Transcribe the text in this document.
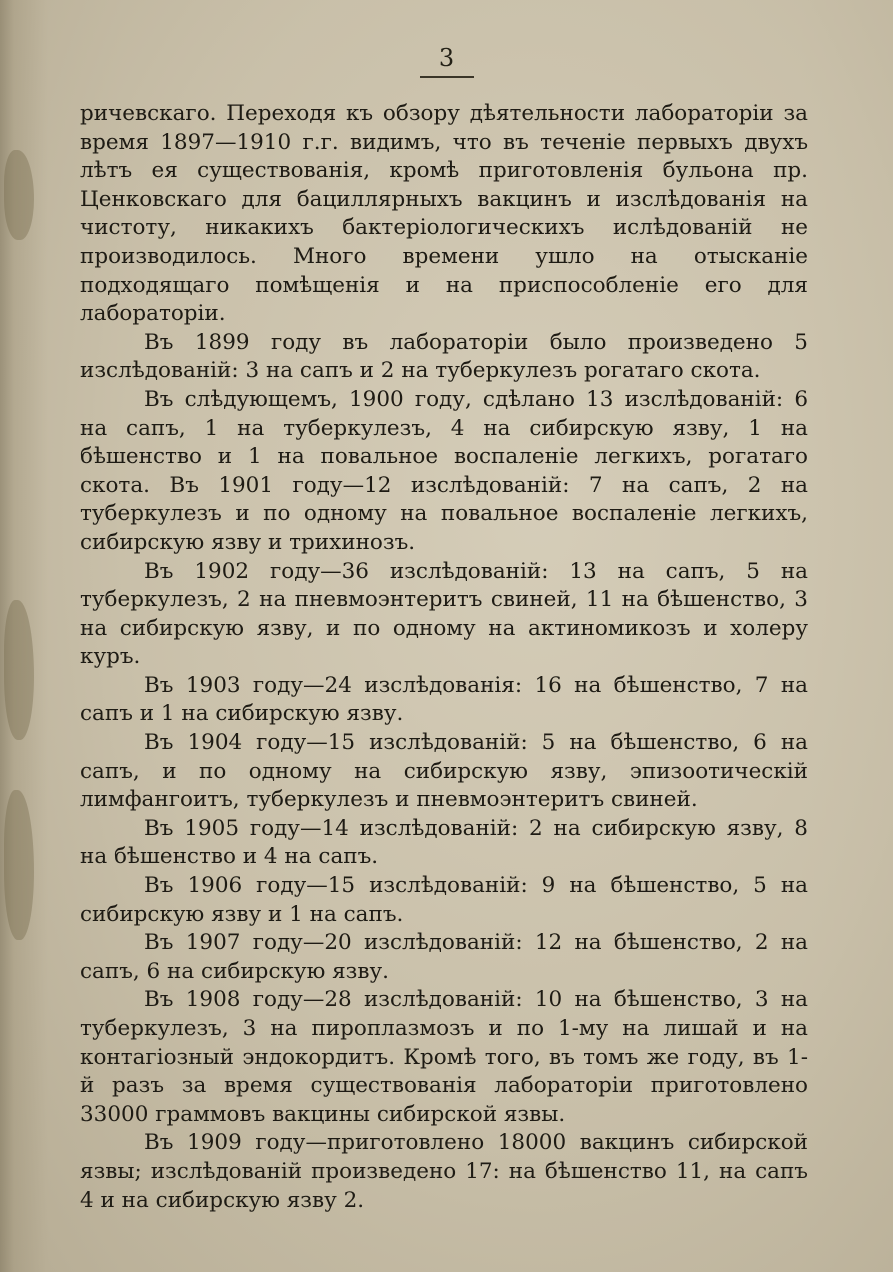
3

ричевскаго. Переходя къ обзору дѣятельности лабораторіи за время 1897—1910 г.г. видимъ, что въ теченіе первыхъ двухъ лѣтъ ея существованія, кромѣ приготовленія бульона пр. Ценковскаго для бациллярныхъ вакцинъ и изслѣдованія на чистоту, никакихъ бактеріологическихъ ислѣдованій не производилось. Много времени ушло на отысканіе подходящаго помѣщенія и на приспособленіе его для лабораторіи.

Въ 1899 году въ лабораторіи было произведено 5 изслѣдованій: 3 на сапъ и 2 на туберкулезъ рогатаго скота.

Въ слѣдующемъ, 1900 году, сдѣлано 13 изслѣдованій: 6 на сапъ, 1 на туберкулезъ, 4 на сибирскую язву, 1 на бѣшенство и 1 на повальное воспаленіе легкихъ, рогатаго скота. Въ 1901 году—12 изслѣдованій: 7 на сапъ, 2 на туберкулезъ и по одному на повальное воспаленіе легкихъ, сибирскую язву и трихинозъ.

Въ 1902 году—36 изслѣдованій: 13 на сапъ, 5 на туберкулезъ, 2 на пневмоэнтеритъ свиней, 11 на бѣшенство, 3 на сибирскую язву, и по одному на актиномикозъ и холеру куръ.

Въ 1903 году—24 изслѣдованія: 16 на бѣшенство, 7 на сапъ и 1 на сибирскую язву.

Въ 1904 году—15 изслѣдованій: 5 на бѣшенство, 6 на сапъ, и по одному на сибирскую язву, эпизоотическій лимфангоитъ, туберкулезъ и пневмоэнтеритъ свиней.

Въ 1905 году—14 изслѣдованій: 2 на сибирскую язву, 8 на бѣшенство и 4 на сапъ.

Въ 1906 году—15 изслѣдованій: 9 на бѣшенство, 5 на сибирскую язву и 1 на сапъ.

Въ 1907 году—20 изслѣдованій: 12 на бѣшенство, 2 на сапъ, 6 на сибирскую язву.

Въ 1908 году—28 изслѣдованій: 10 на бѣшенство, 3 на туберкулезъ, 3 на пироплазмозъ и по 1-му на лишай и на контагіозный эндокордитъ. Кромѣ того, въ томъ же году, въ 1-й разъ за время существованія лабораторіи приготовлено 33000 граммовъ вакцины сибирской язвы.

Въ 1909 году—приготовлено 18000 вакцинъ сибирской язвы; изслѣдованій произведено 17: на бѣшенство 11, на сапъ 4 и на сибирскую язву 2.
